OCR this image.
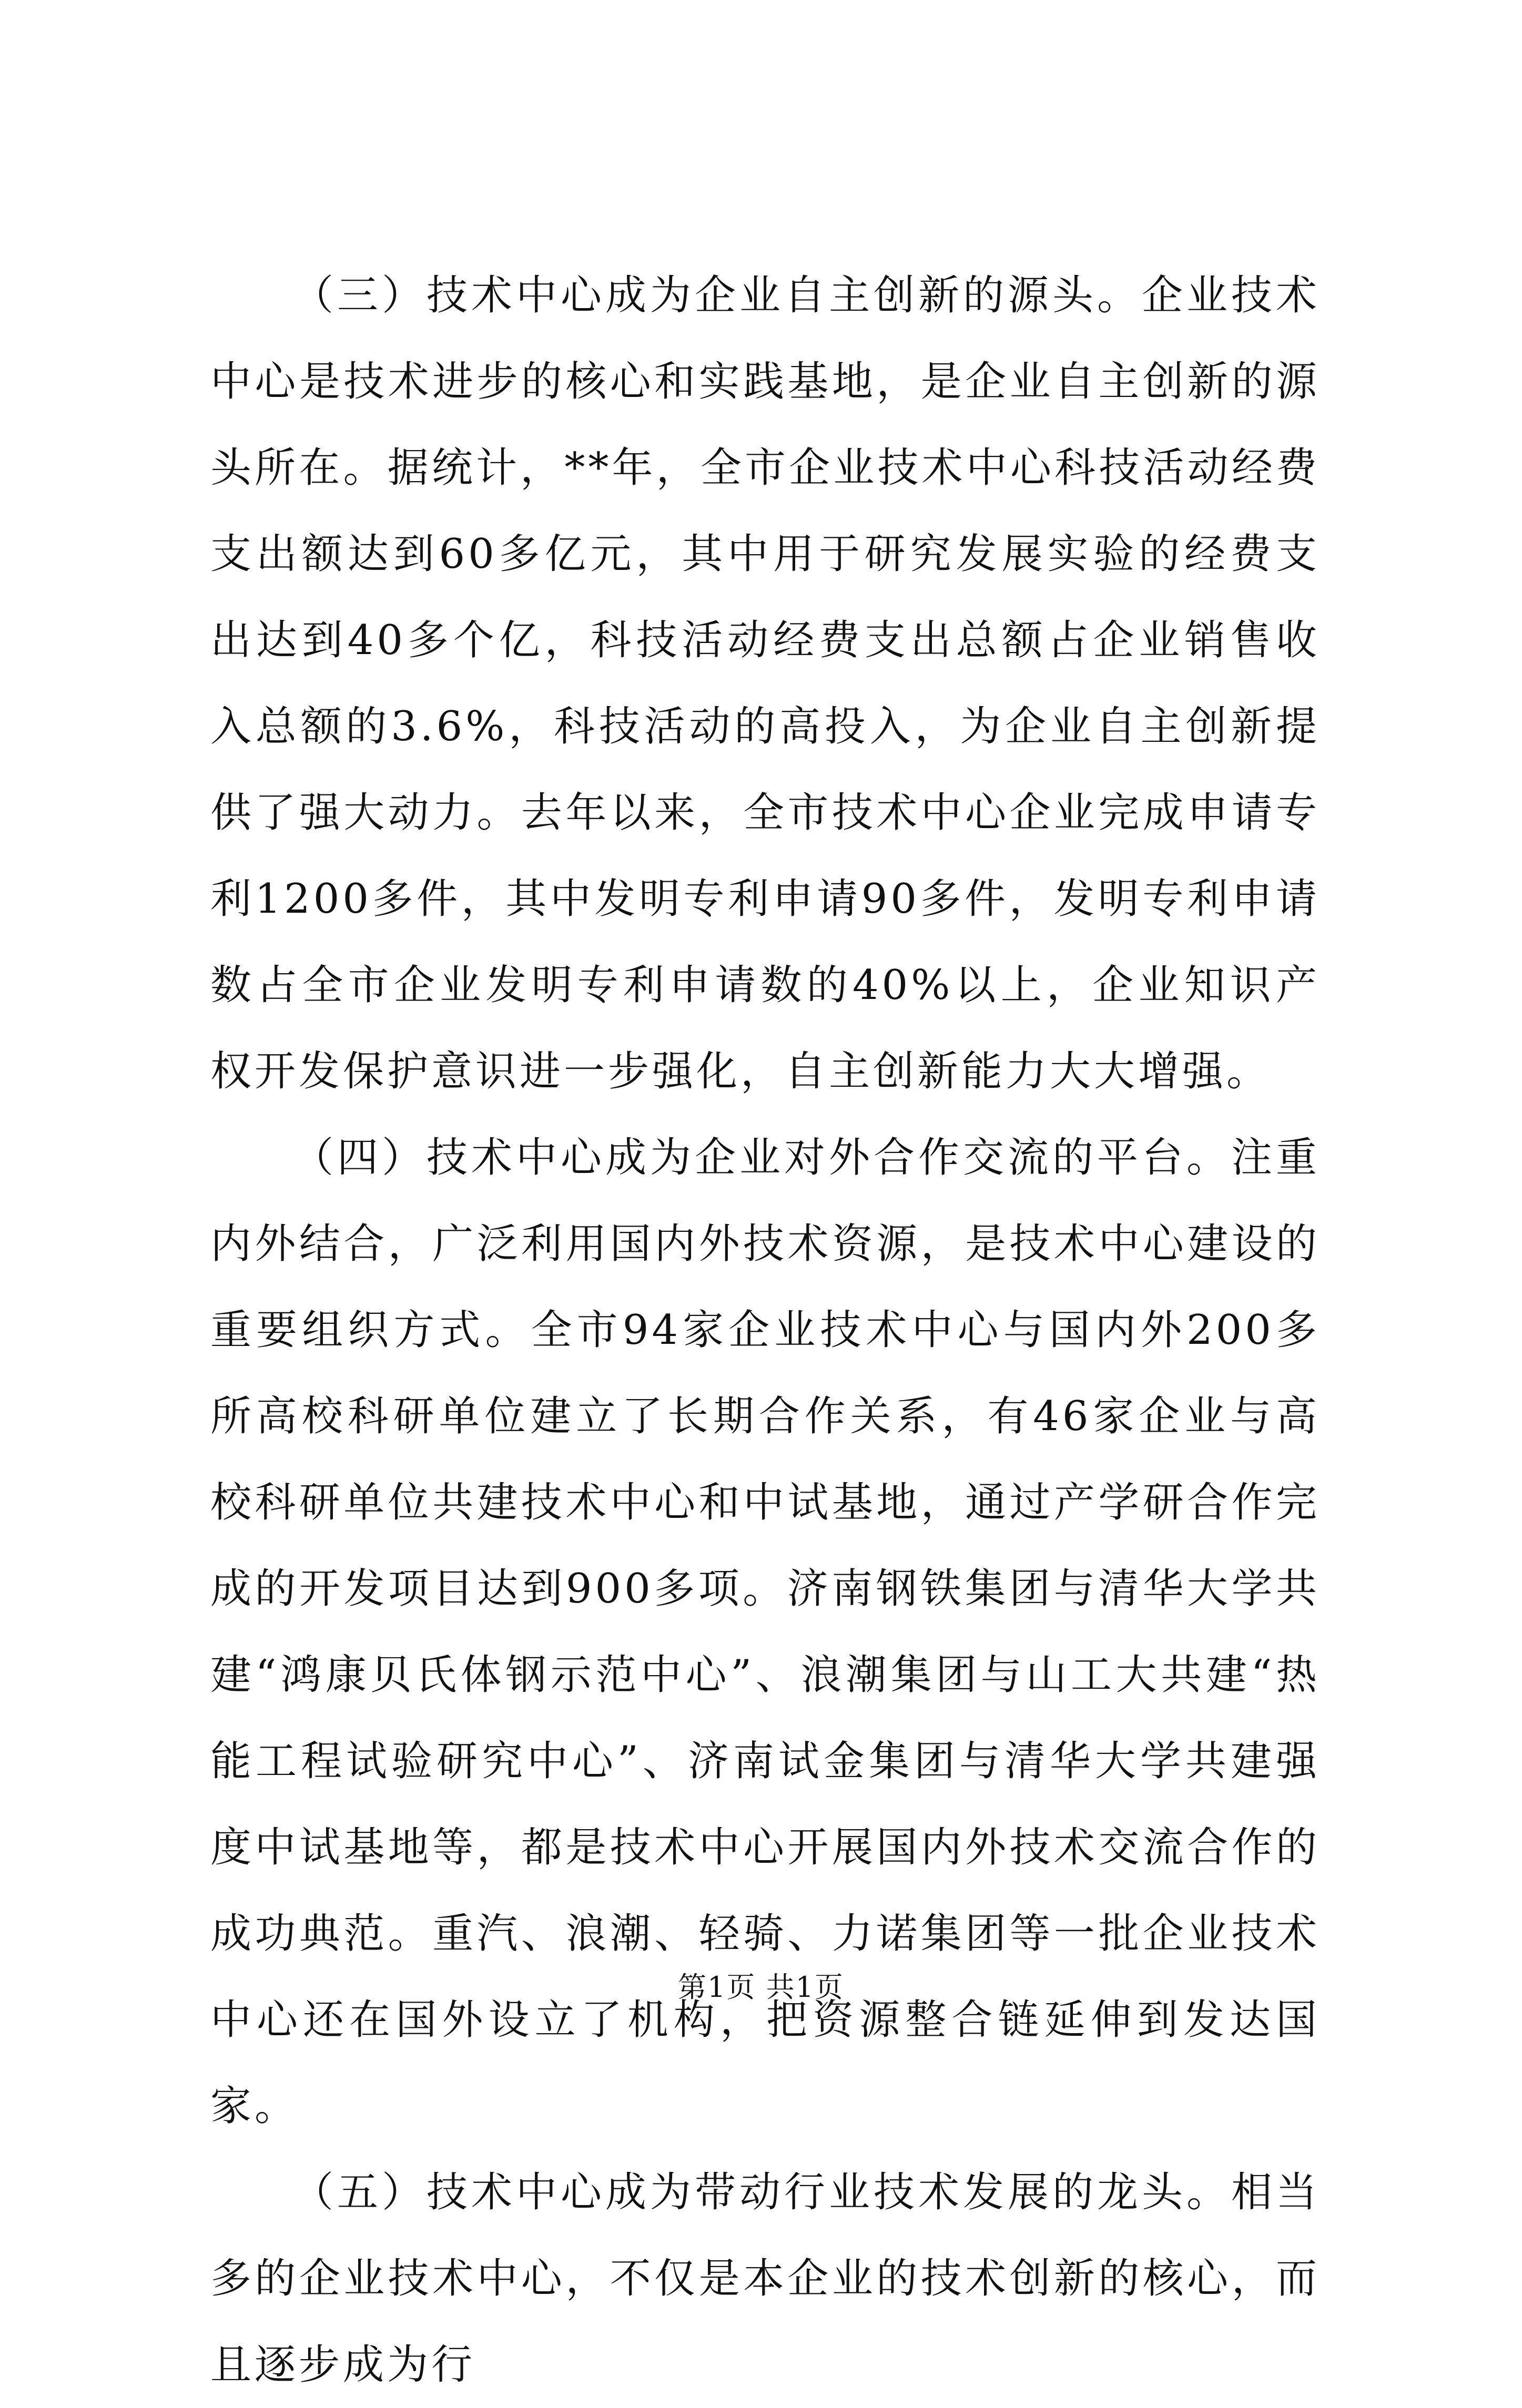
（三）技术中心成为企业自主创新的源头。企业技术中心是技术进步的核心和实践基地，是企业自主创新的源头所在。据统计，**年，全市企业技术中心科技活动经费支出额达到60多亿元，其中用于研究发展实验的经费支出达到40多个亿，科技活动经费支出总额占企业销售收入总额的3.6%，科技活动的高投入，为企业自主创新提供了强大动力。去年以来，全市技术中心企业完成申请专利1200多件，其中发明专利申请90多件，发明专利申请数占全市企业发明专利申请数的40%以上，企业知识产权开发保护意识进一步强化，自主创新能力大大增强。

（四）技术中心成为企业对外合作交流的平台。注重内外结合，广泛利用国内外技术资源，是技术中心建设的重要组织方式。全市94家企业技术中心与国内外200多所高校科研单位建立了长期合作关系，有46家企业与高校科研单位共建技术中心和中试基地，通过产学研合作完成的开发项目达到900多项。济南钢铁集团与清华大学共建“鸿康贝氏体钢示范中心”、浪潮集团与山工大共建“热能工程试验研究中心”、济南试金集团与清华大学共建强度中试基地等，都是技术中心开展国内外技术交流合作的成功典范。重汽、浪潮、轻骑、力诺集团等一批企业技术中心还在国外设立了机构，把资源整合链延伸到发达国家。

（五）技术中心成为带动行业技术发展的龙头。相当多的企业技术中心，不仅是本企业的技术创新的核心，而且逐步成为行

第1页 共1页
